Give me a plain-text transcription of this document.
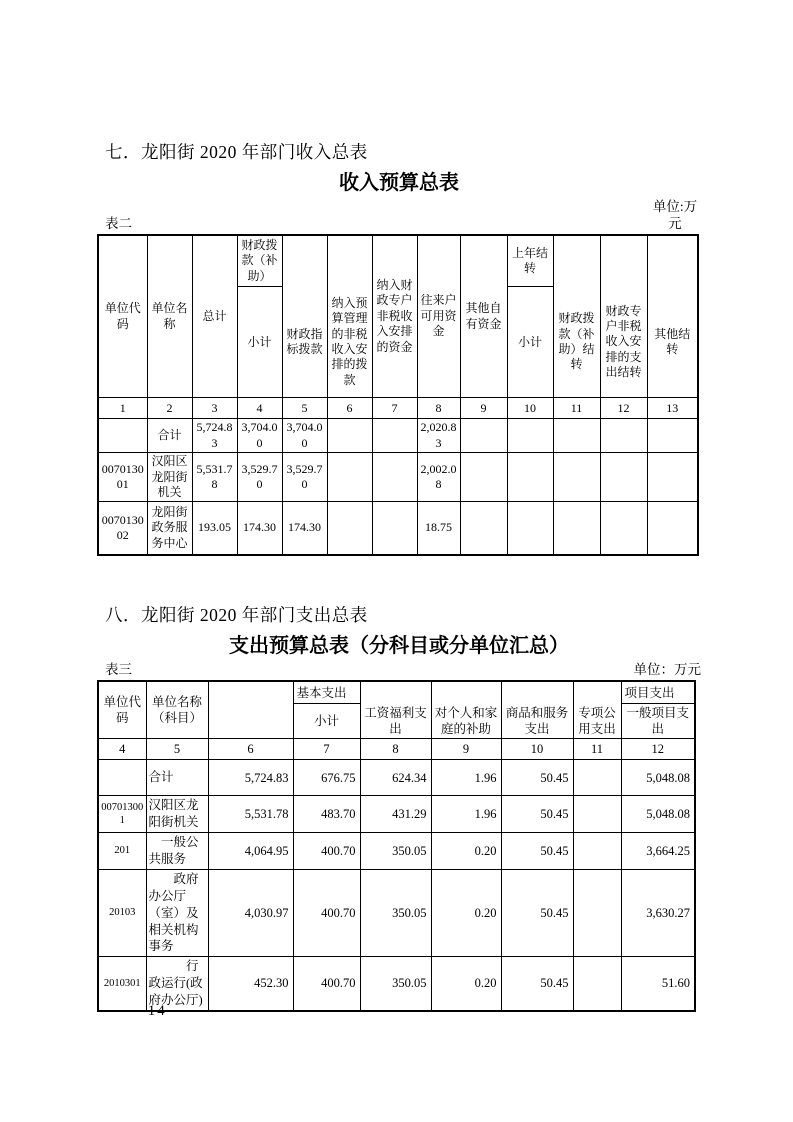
七．龙阳街 2020 年部门收入总表
收入预算总表
表二
单位:万元
单位代码	单位名称	总计	财政拨款（补助）	财政指标拨款	纳入预算管理的非税收入安排的拨款	纳入财政专户非税收入安排的资金	往来户可用资金	其他自有资金	上年结转	财政拨款（补助）结转	财政专户非税收入安排的支出结转	其他结转
			小计						小计			
1	2	3	4	5	6	7	8	9	10	11	12	13
	合计	5,724.83	3,704.00	3,704.00			2,020.83					
007013001	汉阳区龙阳街机关	5,531.78	3,529.70	3,529.70			2,002.08					
007013002	龙阳街政务服务中心	193.05	174.30	174.30			18.75					
八．龙阳街 2020 年部门支出总表
支出预算总表（分科目或分单位汇总）
表三	单位：万元
单位代码	单位名称（科目）		基本支出	工资福利支出	对个人和家庭的补助	商品和服务支出	专项公用支出	项目支出
			小计					一般项目支出
4	5	6	7	8	9	10	11	12
	合计	5,724.83	676.75	624.34	1.96	50.45		5,048.08
007013001	汉阳区龙阳街机关	5,531.78	483.70	431.29	1.96	50.45		5,048.08
201	　一般公共服务	4,064.95	400.70	350.05	0.20	50.45		3,664.25
20103	　　政府办公厅（室）及相关机构事务	4,030.97	400.70	350.05	0.20	50.45		3,630.27
2010301	　　　行政运行(政府办公厅)	452.30	400.70	350.05	0.20	50.45		51.60
— 14 —
